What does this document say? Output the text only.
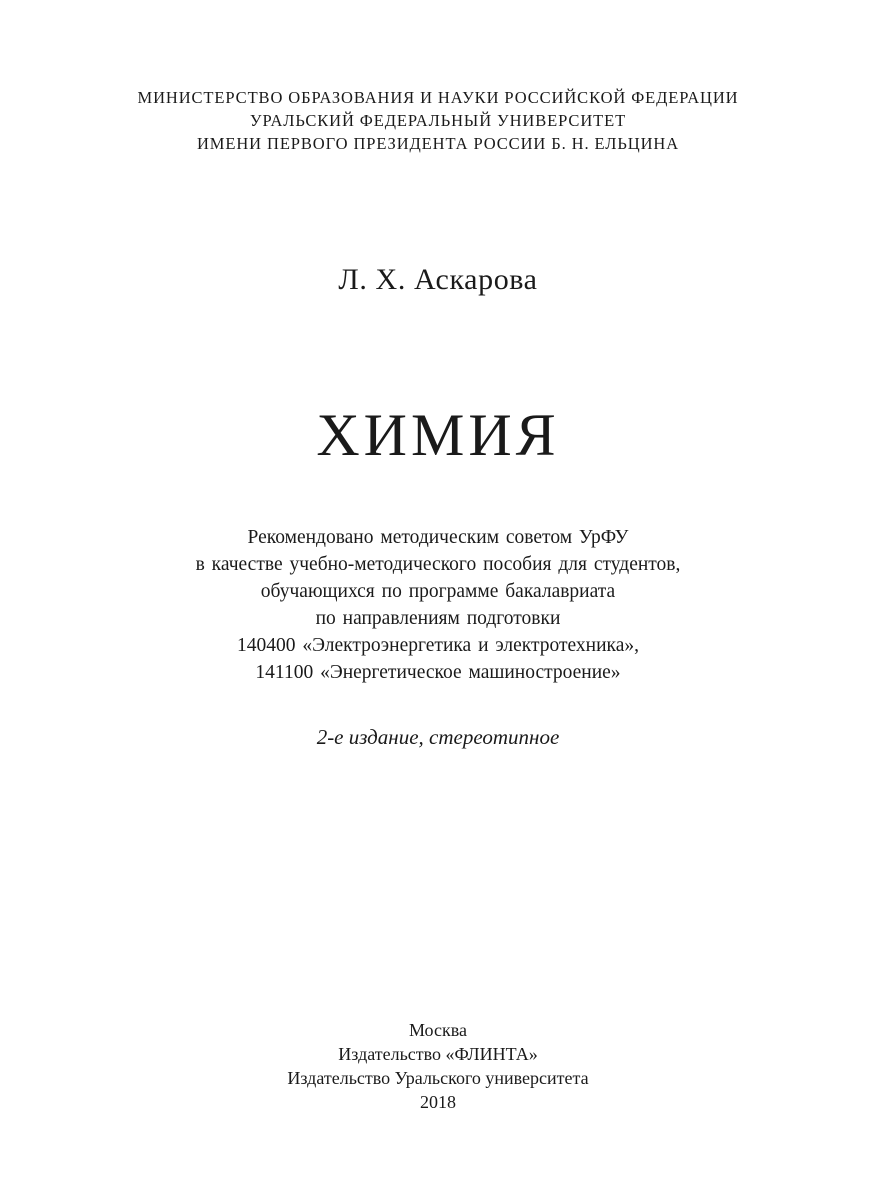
МИНИСТЕРСТВО ОБРАЗОВАНИЯ И НАУКИ РОССИЙСКОЙ ФЕДЕРАЦИИ
УРАЛЬСКИЙ ФЕДЕРАЛЬНЫЙ УНИВЕРСИТЕТ
ИМЕНИ ПЕРВОГО ПРЕЗИДЕНТА РОССИИ Б. Н. ЕЛЬЦИНА
Л. Х. Аскарова
ХИМИЯ
Рекомендовано методическим советом УрФУ
в качестве учебно-методического пособия для студентов,
обучающихся по программе бакалавриата
по направлениям подготовки
140400 «Электроэнергетика и электротехника»,
141100 «Энергетическое машиностроение»
2-е издание, стереотипное
Москва
Издательство «ФЛИНТА»
Издательство Уральского университета
2018
